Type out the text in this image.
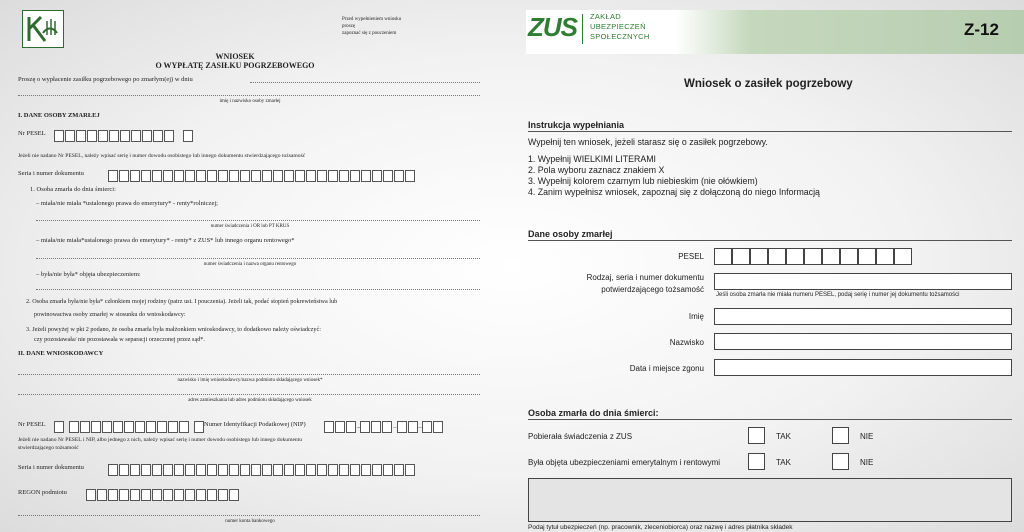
Przed wypełnieniem wniosku
proszę
zapoznać się z pouczeniem
WNIOSEK
O WYPŁATĘ ZASIŁKU POGRZEBOWEGO
Proszę o wypłacenie zasiłku pogrzebowego po zmarłym(ej) w dniu
imię i nazwisko osoby zmarłej
I. DANE OSOBY ZMARŁEJ
Nr PESEL

Jeżeli nie nadano Nr PESEL, należy wpisać serię i numer dowodu osobistego lub innego dokumentu stwierdzającego tożsamość
Seria i numer dokumentu
1. Osoba zmarła do dnia śmierci:
– miała/nie miała *ustalonego prawa do emerytury* - renty*rolniczej;
numer świadczenia i OR lub PT KRUS
– miała/nie miała*ustalonego prawa do emerytury* - renty* z ZUS* lub innego organu rentowego*
numer świadczenia i nazwa organu rentowego
– była/nie była* objęta ubezpieczeniem:
2. Osoba zmarła była/nie była* członkiem mojej rodziny (patrz ust. I pouczenia). Jeżeli tak, podać stopień pokrewieństwa lub
powinowactwa osoby zmarłej w stosunku do wnioskodawcy:
3. Jeżeli powyżej w pkt 2 podano, że osoba zmarła była małżonkiem wnioskodawcy, to dodatkowo należy oświadczyć:
czy pozostawała/ nie pozostawała w separacji orzeczonej przez sąd*.
II. DANE WNIOSKODAWCY
nazwisko i imię wnioskodawcy/nazwa podmiotu składającego wniosek*
adres zamieszkania lub adres podmiotu składającego wniosek
Nr PESEL	Numer Identyfikacji Podatkowej (NIP)	–	–	–
Jeżeli nie nadano Nr PESEL i NIP, albo jednego z nich, należy wpisać serię i numer dowodu osobistego lub innego dokumentu
stwierdzającego tożsamość
Seria i numer dokumentu
REGON podmiotu
numer konta bankowego
ZUS ZAKŁAD
UBEZPIECZEŃ
SPOŁECZNYCH	Z-12
Wniosek o zasiłek pogrzebowy
Instrukcja wypełniania
Wypełnij ten wniosek, jeżeli starasz się o zasiłek pogrzebowy.
1. Wypełnij WIELKIMI LITERAMI
2. Pola wyboru zaznacz znakiem X
3. Wypełnij kolorem czarnym lub niebieskim (nie ołówkiem)
4. Zanim wypełnisz wniosek, zapoznaj się z dołączoną do niego Informacją
Dane osoby zmarłej
PESEL
Rodzaj, seria i numer dokumentu
potwierdzającego tożsamość
Jeśli osoba zmarła nie miała numeru PESEL, podaj serię i numer jej dokumentu tożsamości
Imię
Nazwisko
Data i miejsce zgonu
Osoba zmarła do dnia śmierci:
Pobierała świadczenia z ZUS	TAK	NIE
Była objęta ubezpieczeniami emerytalnym i rentowymi	TAK	NIE
Podaj tytuł ubezpieczeń (np. pracownik, zleceniobiorca) oraz nazwę i adres płatnika składek
